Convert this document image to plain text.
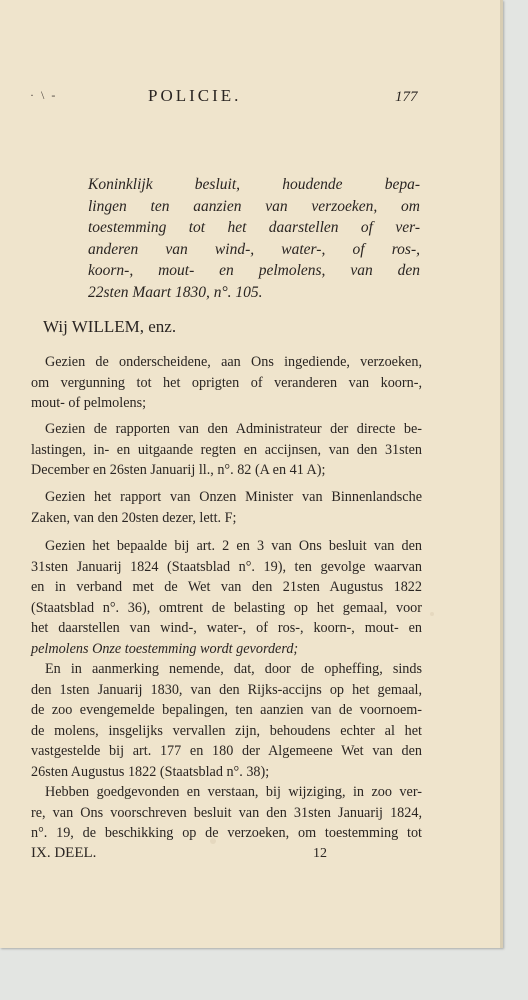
· \ -	POLICIE.	177
Koninklijk besluit, houdende bepa-
lingen ten aanzien van verzoeken, om
toestemming tot het daarstellen of ver-
anderen van wind-, water-, of ros-,
koorn-, mout- en pelmolens, van den
22sten Maart 1830, n°. 105.
Wij WILLEM, enz.
Gezien de onderscheidene, aan Ons ingediende, verzoeken,
om vergunning tot het oprigten of veranderen van koorn-,
mout- of pelmolens;
Gezien de rapporten van den Administrateur der directe be-
lastingen, in- en uitgaande regten en accijnsen, van den 31sten
December en 26sten Januarij ll., n°. 82 (A en 41 A);
Gezien het rapport van Onzen Minister van Binnenlandsche
Zaken, van den 20sten dezer, lett. F;
Gezien het bepaalde bij art. 2 en 3 van Ons besluit van den
31sten Januarij 1824 (Staatsblad n°. 19), ten gevolge waarvan
en in verband met de Wet van den 21sten Augustus 1822
(Staatsblad n°. 36), omtrent de belasting op het gemaal, voor
het daarstellen van wind-, water-, of ros-, koorn-, mout- en
pelmolens Onze toestemming wordt gevorderd;
En in aanmerking nemende, dat, door de opheffing, sinds
den 1sten Januarij 1830, van den Rijks-accijns op het gemaal,
de zoo evengemelde bepalingen, ten aanzien van de voornoem-
de molens, insgelijks vervallen zijn, behoudens echter al het
vastgestelde bij art. 177 en 180 der Algemeene Wet van den
26sten Augustus 1822 (Staatsblad n°. 38);
Hebben goedgevonden en verstaan, bij wijziging, in zoo ver-
re, van Ons voorschreven besluit van den 31sten Januarij 1824,
n°. 19, de beschikking op de verzoeken, om toestemming tot
IX. DEEL.	12
